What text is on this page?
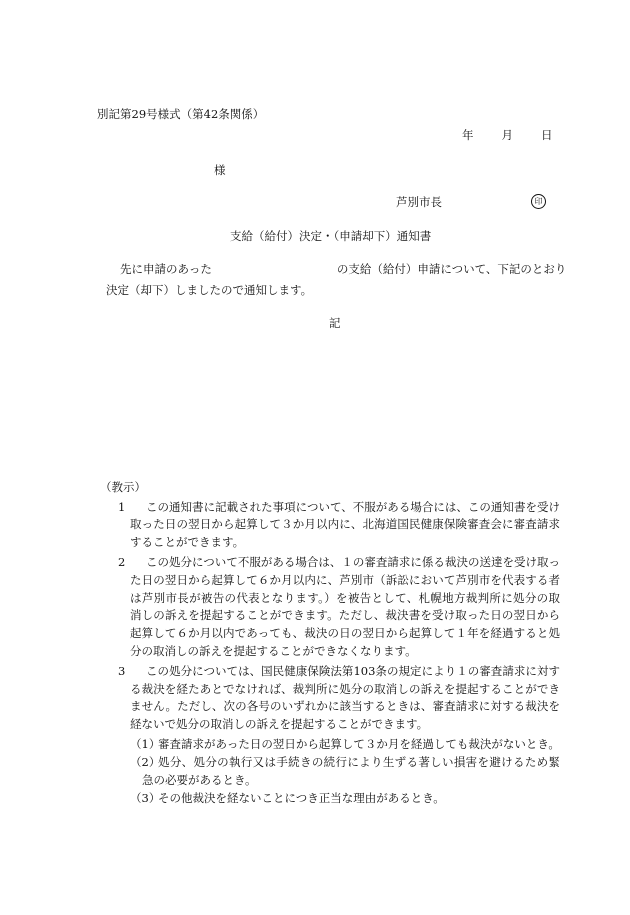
別記第29号様式（第42条関係）
年 月 日
様
芦別市長	印
支給（給付）決定・（申請却下）通知書
先に申請のあった	の支給（給付）申請について、下記のとおり
決定（却下）しましたので通知します。
記
（教示）
1	この通知書に記載された事項について、不服がある場合には、この通知書を受け取った日の翌日から起算して３か月以内に、北海道国民健康保険審査会に審査請求することができます。
2	この処分について不服がある場合は、１の審査請求に係る裁決の送達を受け取った日の翌日から起算して６か月以内に、芦別市（訴訟において芦別市を代表する者は芦別市長が被告の代表となります。）を被告として、札幌地方裁判所に処分の取消しの訴えを提起することができます。ただし、裁決書を受け取った日の翌日から起算して６か月以内であっても、裁決の日の翌日から起算して１年を経過すると処分の取消しの訴えを提起することができなくなります。
3	この処分については、国民健康保険法第103条の規定により１の審査請求に対する裁決を経たあとでなければ、裁判所に処分の取消しの訴えを提起することができません。ただし、次の各号のいずれかに該当するときは、審査請求に対する裁決を経ないで処分の取消しの訴えを提起することができます。
（1）
審査請求があった日の翌日から起算して３か月を経過しても裁決がないとき。
（2）
処分、処分の執行又は手続きの続行により生ずる著しい損害を避けるため緊急の必要があるとき。
（3）
その他裁決を経ないことにつき正当な理由があるとき。
